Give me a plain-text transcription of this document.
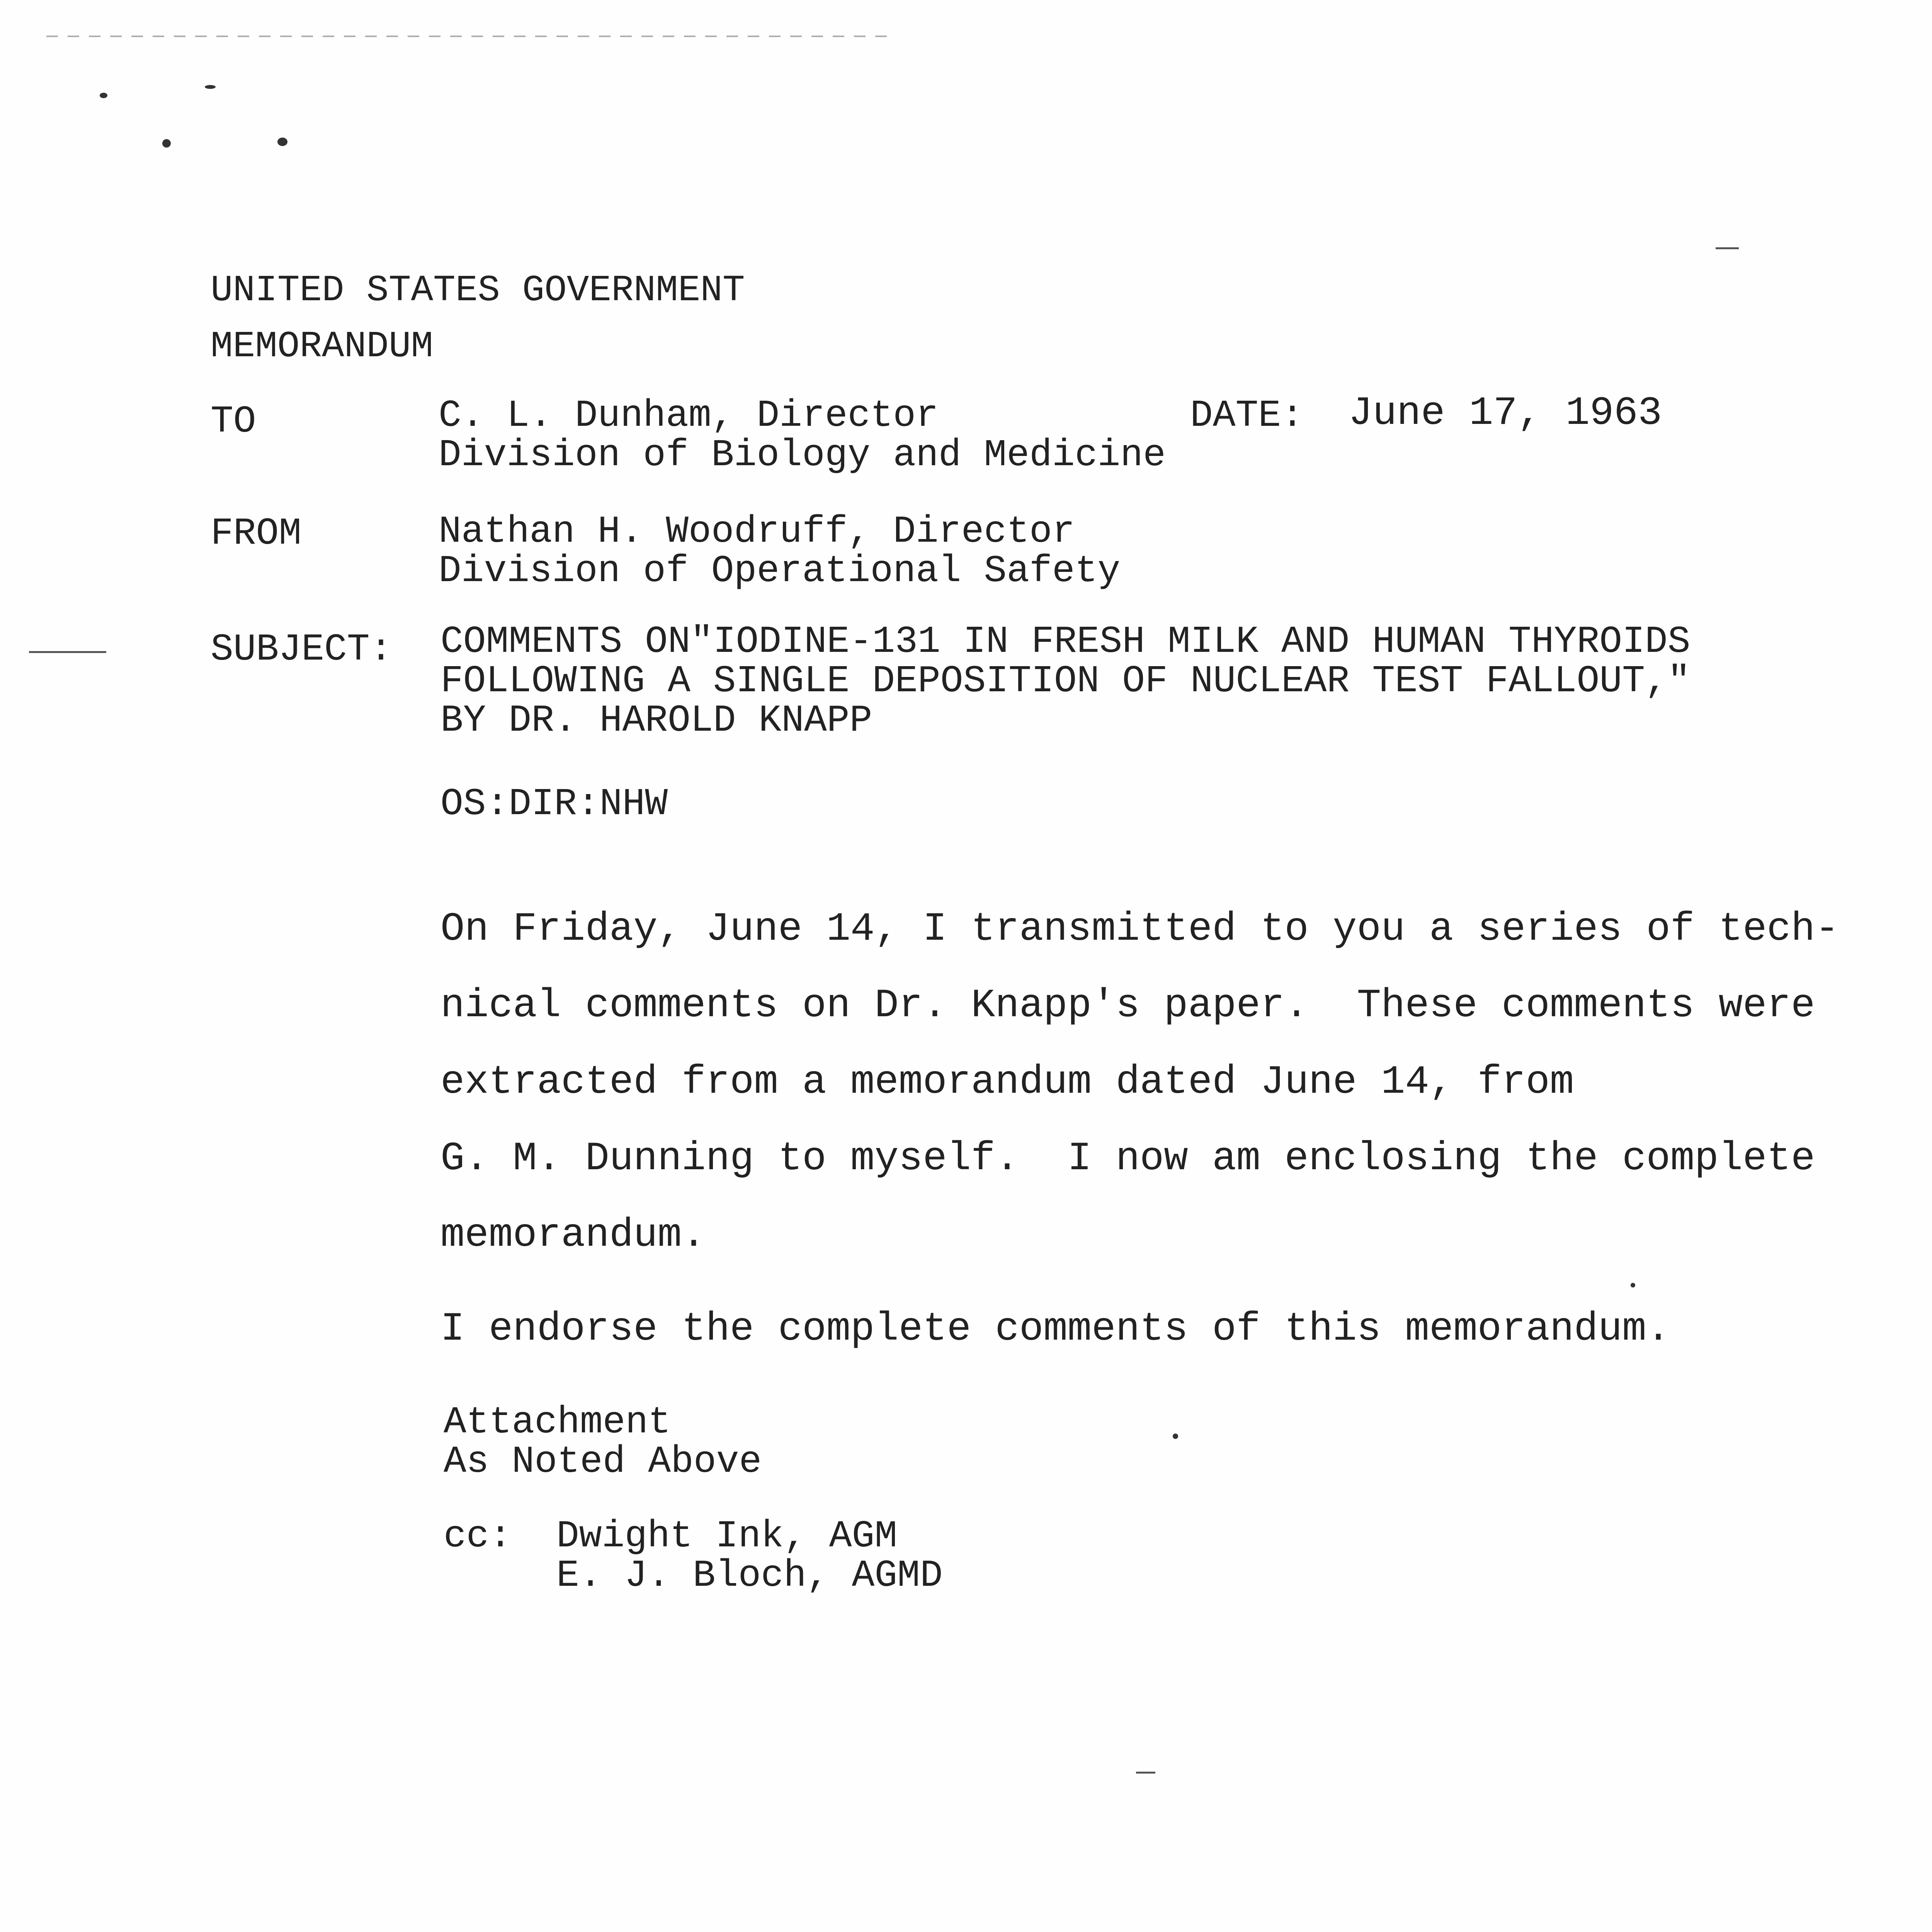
UNITED STATES GOVERNMENT
MEMORANDUM
TO	C. L. Dunham, Director
Division of Biology and Medicine
DATE: June 17, 1963
FROM	Nathan H. Woodruff, Director
Division of Operational Safety
SUBJECT: COMMENTS ON"IODINE-131 IN FRESH MILK AND HUMAN THYROIDS
FOLLOWING A SINGLE DEPOSITION OF NUCLEAR TEST FALLOUT,"
BY DR. HAROLD KNAPP
OS:DIR:NHW
On Friday, June 14, I transmitted to you a series of tech-
nical comments on Dr. Knapp's paper.  These comments were
extracted from a memorandum dated June 14, from
G. M. Dunning to myself.  I now am enclosing the complete
memorandum.
I endorse the complete comments of this memorandum.
Attachment
As Noted Above
cc: Dwight Ink, AGM
E. J. Bloch, AGMD
